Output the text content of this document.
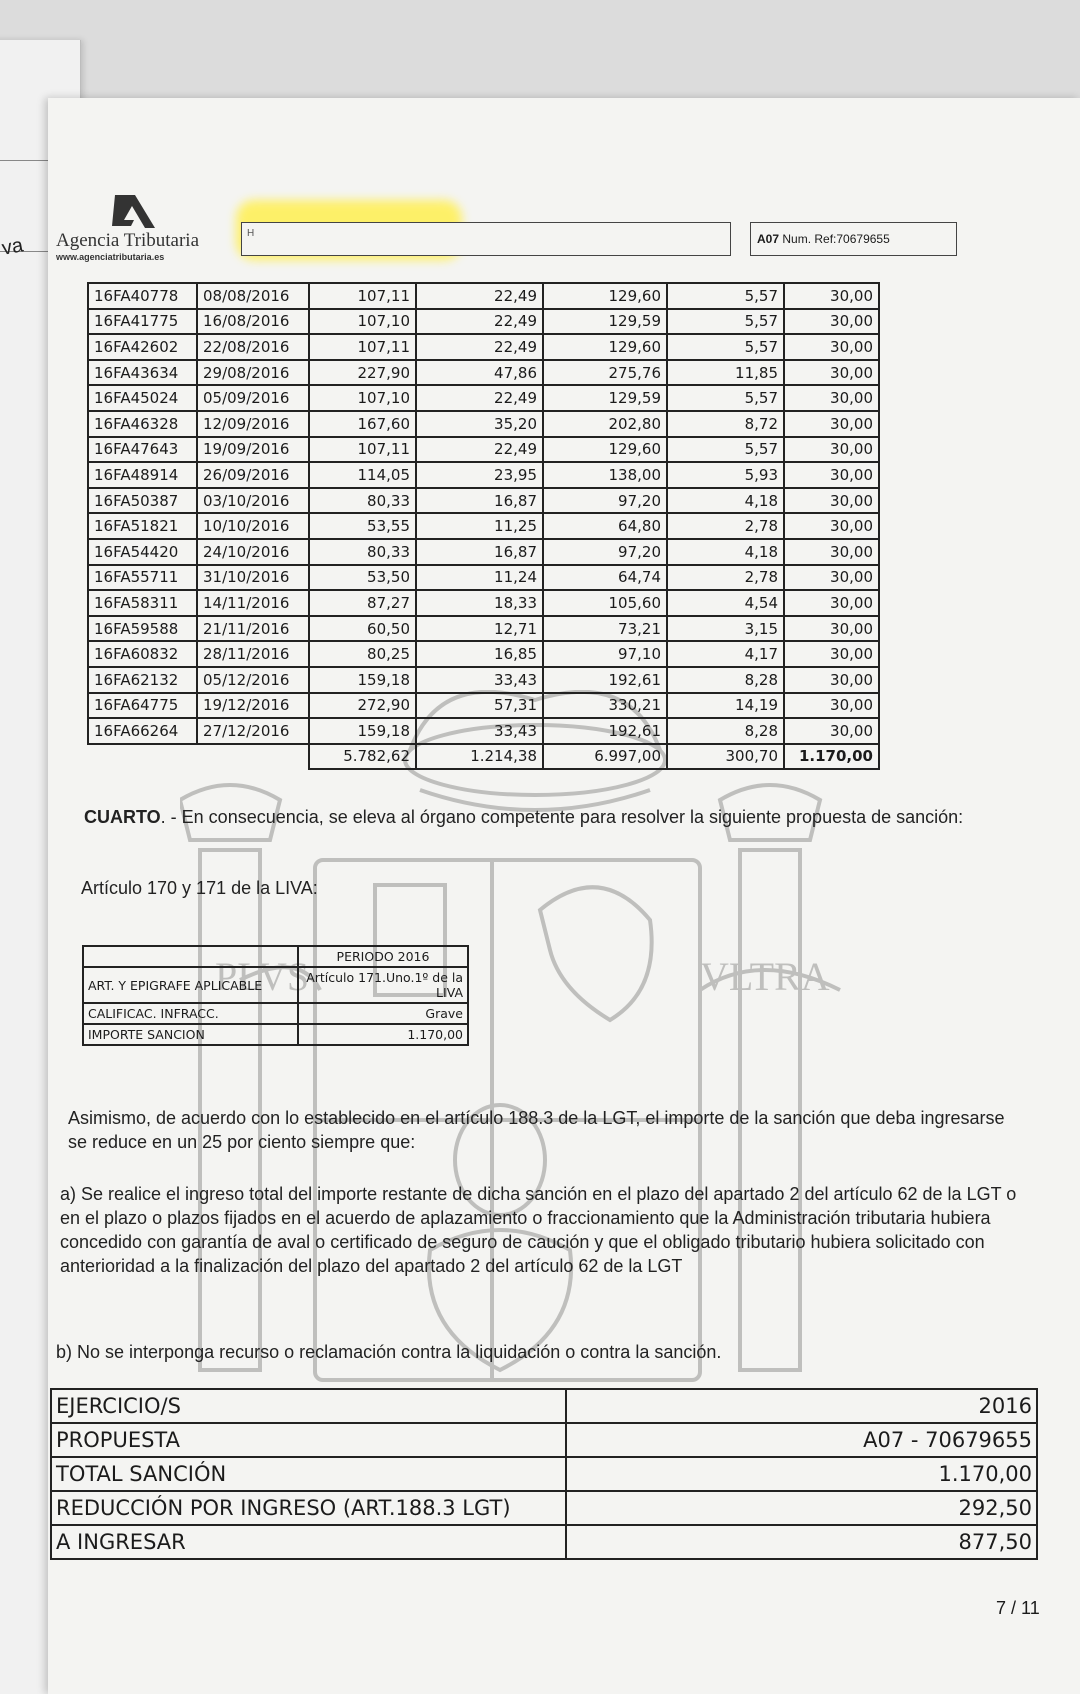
va
PLVS	VLTRA
Agencia Tributaria
www.agenciatributaria.es
H	A07 Num. Ref:70679655
16FA40778	08/08/2016	107,11	22,49	129,60	5,57	30,00
16FA41775	16/08/2016	107,10	22,49	129,59	5,57	30,00
16FA42602	22/08/2016	107,11	22,49	129,60	5,57	30,00
16FA43634	29/08/2016	227,90	47,86	275,76	11,85	30,00
16FA45024	05/09/2016	107,10	22,49	129,59	5,57	30,00
16FA46328	12/09/2016	167,60	35,20	202,80	8,72	30,00
16FA47643	19/09/2016	107,11	22,49	129,60	5,57	30,00
16FA48914	26/09/2016	114,05	23,95	138,00	5,93	30,00
16FA50387	03/10/2016	80,33	16,87	97,20	4,18	30,00
16FA51821	10/10/2016	53,55	11,25	64,80	2,78	30,00
16FA54420	24/10/2016	80,33	16,87	97,20	4,18	30,00
16FA55711	31/10/2016	53,50	11,24	64,74	2,78	30,00
16FA58311	14/11/2016	87,27	18,33	105,60	4,54	30,00
16FA59588	21/11/2016	60,50	12,71	73,21	3,15	30,00
16FA60832	28/11/2016	80,25	16,85	97,10	4,17	30,00
16FA62132	05/12/2016	159,18	33,43	192,61	8,28	30,00
16FA64775	19/12/2016	272,90	57,31	330,21	14,19	30,00
16FA66264	27/12/2016	159,18	33,43	192,61	8,28	30,00
		5.782,62	1.214,38	6.997,00	300,70	1.170,00
CUARTO. - En consecuencia, se eleva al órgano competente para resolver la siguiente propuesta de sanción:
Artículo 170 y 171 de la LIVA:
	PERIODO 2016
ART. Y EPIGRAFE APLICABLE	Artículo 171.Uno.1º de la LIVA
CALIFICAC. INFRACC.	Grave
IMPORTE SANCION	1.170,00
Asimismo, de acuerdo con lo establecido en el artículo 188.3 de la LGT, el importe de la sanción que deba ingresarse se reduce en un 25 por ciento siempre que:
a) Se realice el ingreso total del importe restante de dicha sanción en el plazo del apartado 2 del artículo 62 de la LGT o en el plazo o plazos fijados en el acuerdo de aplazamiento o fraccionamiento que la Administración tributaria hubiera concedido con garantía de aval o certificado de seguro de caución y que el obligado tributario hubiera solicitado con anterioridad a la finalización del plazo del apartado 2 del artículo 62 de la LGT
b) No se interponga recurso o reclamación contra la liquidación o contra la sanción.
EJERCICIO/S	2016
PROPUESTA	A07 - 70679655
TOTAL SANCIÓN	1.170,00
REDUCCIÓN POR INGRESO (ART.188.3 LGT)	292,50
A INGRESAR	877,50
7 / 11
